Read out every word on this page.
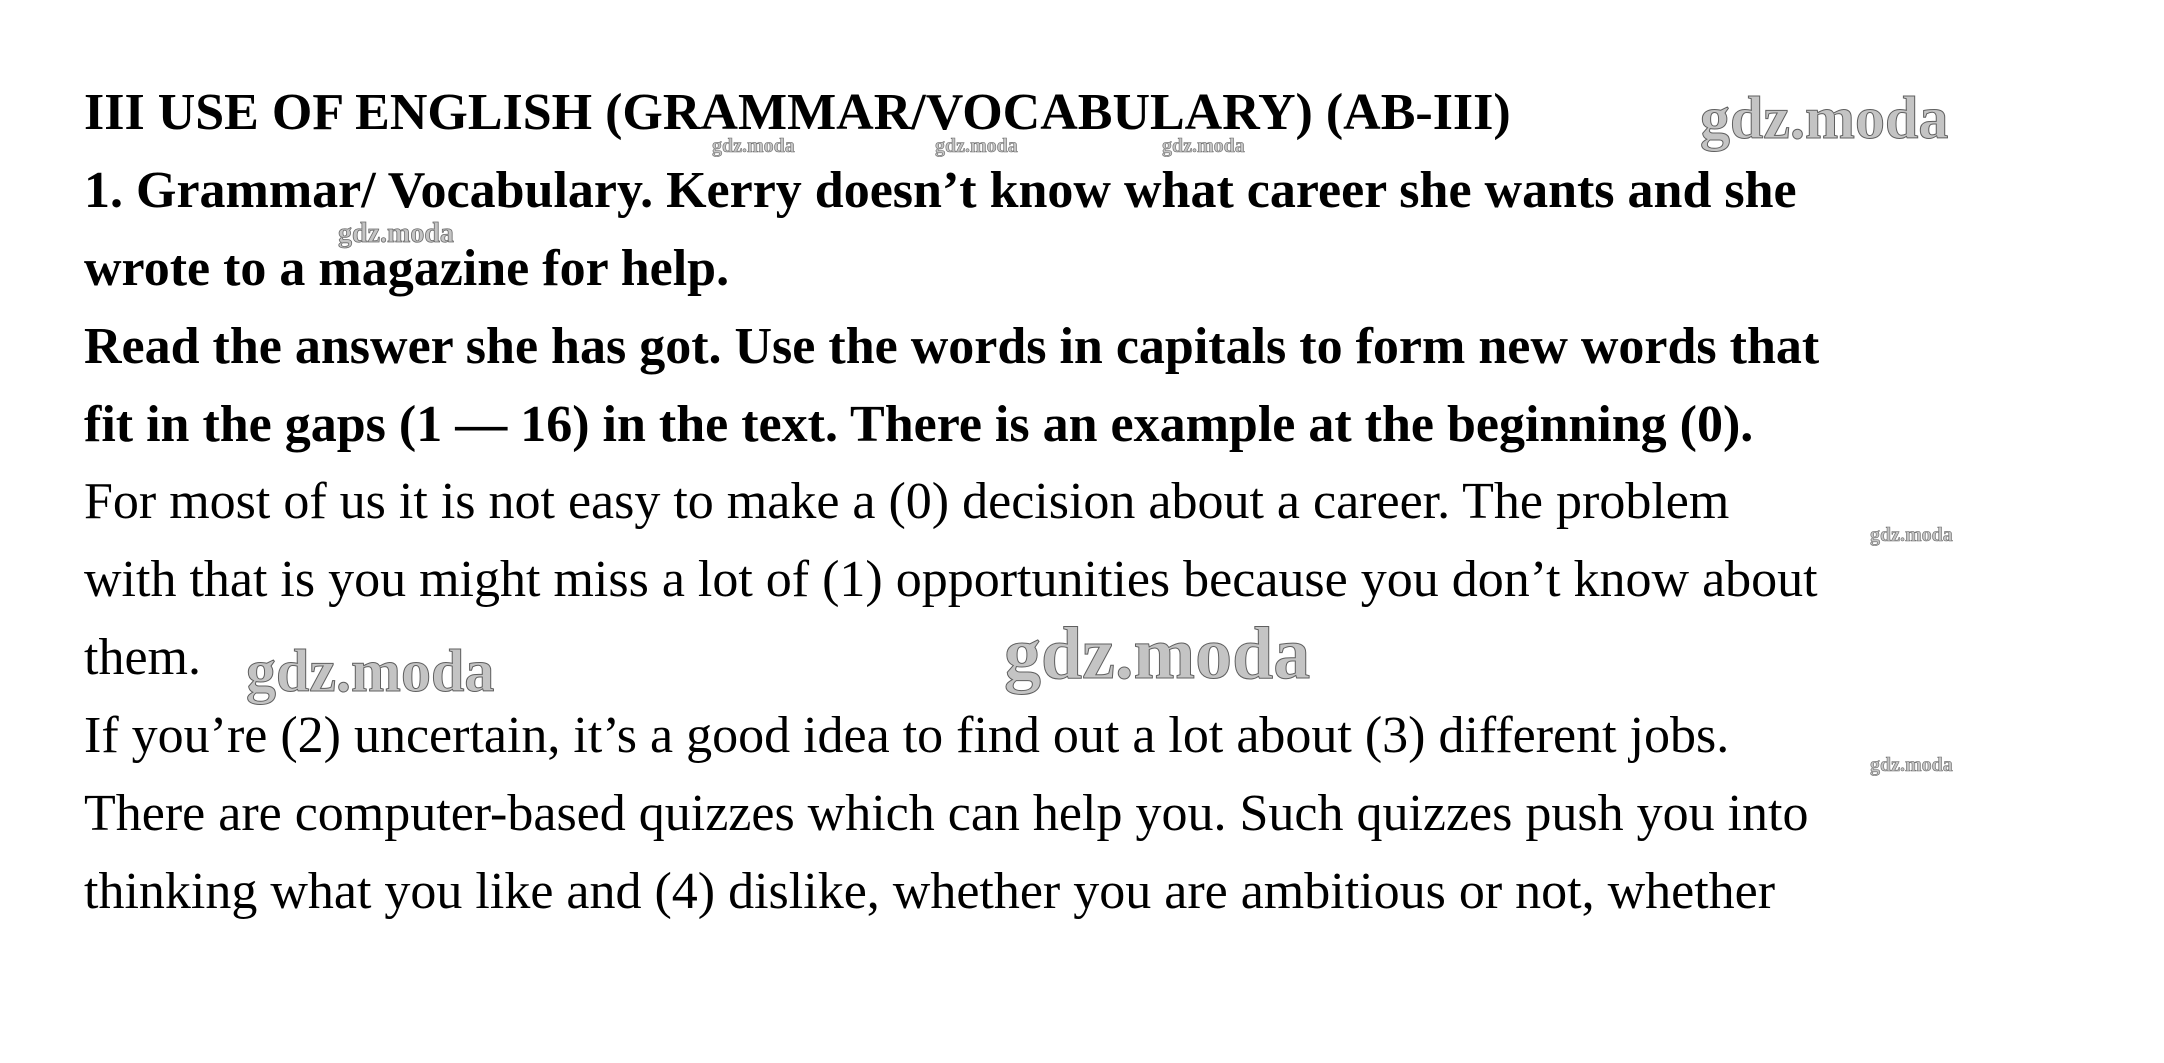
III USE OF ENGLISH (GRAMMAR/VOCABULARY) (AB-III)
1. Grammar/ Vocabulary. Kerry doesn’t know what career she wants and she
wrote to a magazine for help.
Read the answer she has got. Use the words in capitals to form new words that
fit in the gaps (1 — 16) in the text. There is an example at the beginning (0).
For most of us it is not easy to make a (0) decision about a career. The problem
with that is you might miss a lot of (1) opportunities because you don’t know about
them.
If you’re (2) uncertain, it’s a good idea to find out a lot about (3) different jobs.
There are computer-based quizzes which can help you. Such quizzes push you into
thinking what you like and (4) dislike, whether you are ambitious or not, whether
gdz.moda
gdz.moda	gdz.moda	gdz.moda
gdz.moda
gdz.moda
gdz.moda	gdz.moda
gdz.moda
